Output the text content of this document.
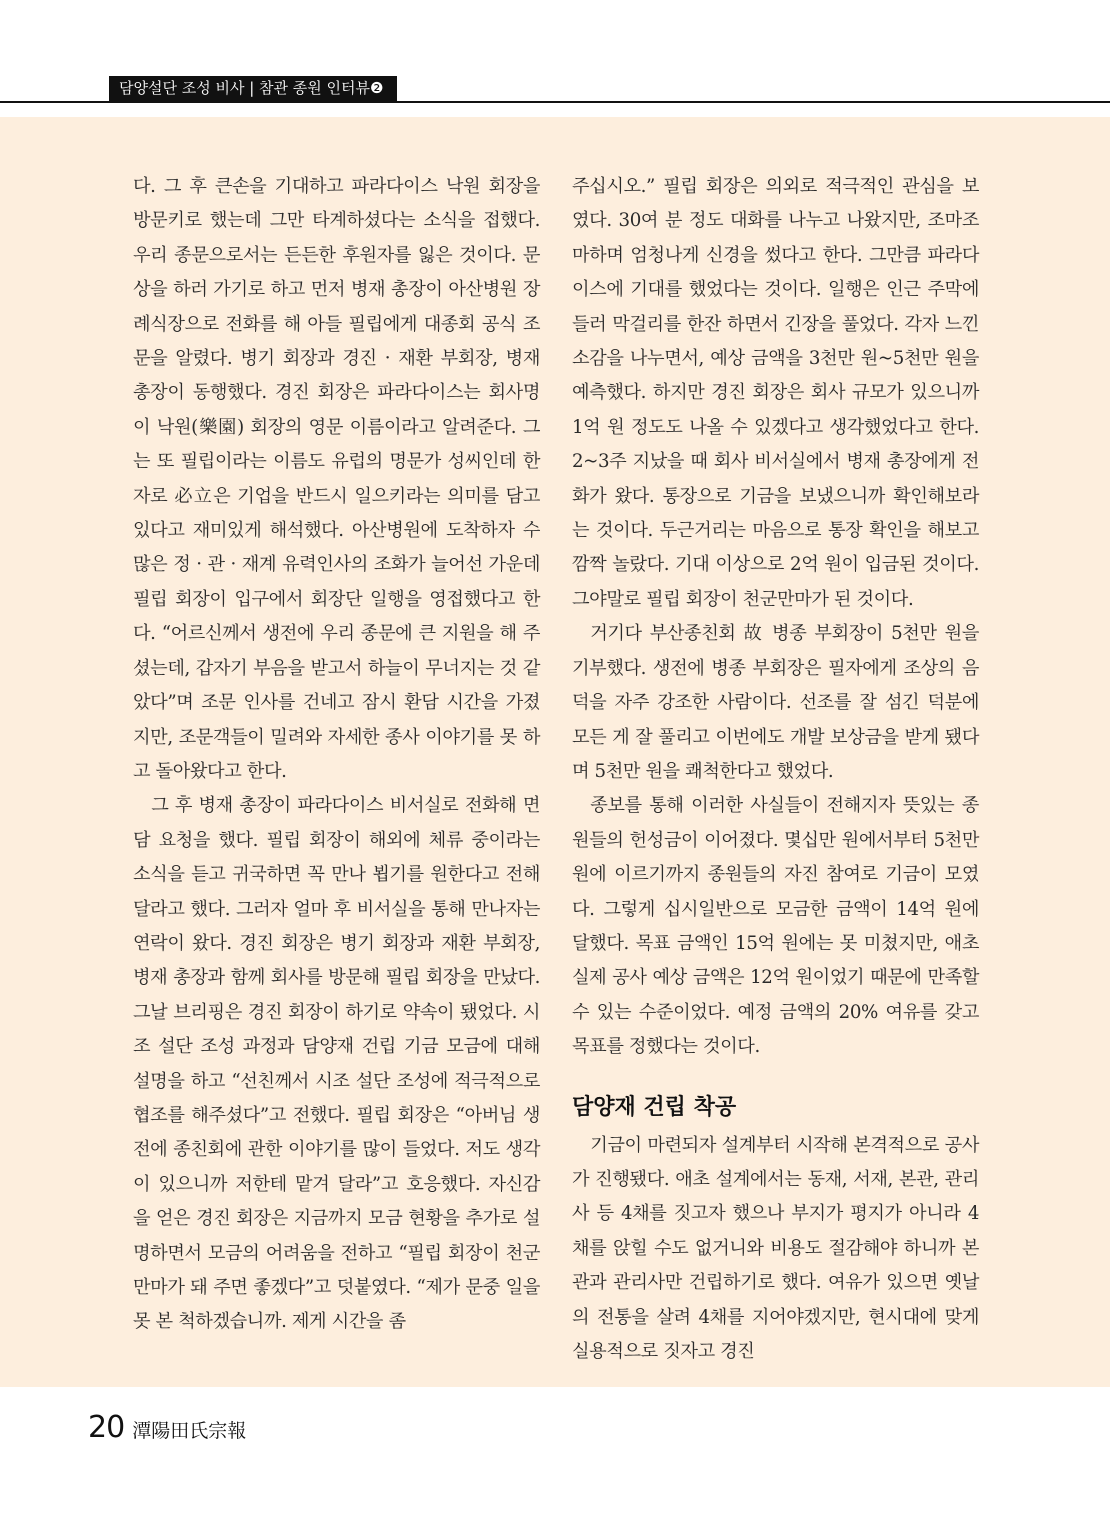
담양설단 조성 비사 | 참관 종원 인터뷰❷

다. 그 후 큰손을 기대하고 파라다이스 낙원 회장을 방문키로 했는데 그만 타계하셨다는 소식을 접했다. 우리 종문으로서는 든든한 후원자를 잃은 것이다. 문상을 하러 가기로 하고 먼저 병재 총장이 아산병원 장례식장으로 전화를 해 아들 필립에게 대종회 공식 조문을 알렸다. 병기 회장과 경진 · 재환 부회장, 병재 총장이 동행했다. 경진 회장은 파라다이스는 회사명이 낙원(樂園) 회장의 영문 이름이라고 알려준다. 그는 또 필립이라는 이름도 유럽의 명문가 성씨인데 한자로 必立은 기업을 반드시 일으키라는 의미를 담고 있다고 재미있게 해석했다. 아산병원에 도착하자 수많은 정 · 관 · 재계 유력인사의 조화가 늘어선 가운데 필립 회장이 입구에서 회장단 일행을 영접했다고 한다. “어르신께서 생전에 우리 종문에 큰 지원을 해 주셨는데, 갑자기 부음을 받고서 하늘이 무너지는 것 같았다”며 조문 인사를 건네고 잠시 환담 시간을 가졌지만, 조문객들이 밀려와 자세한 종사 이야기를 못 하고 돌아왔다고 한다.

그 후 병재 총장이 파라다이스 비서실로 전화해 면담 요청을 했다. 필립 회장이 해외에 체류 중이라는 소식을 듣고 귀국하면 꼭 만나 뵙기를 원한다고 전해 달라고 했다. 그러자 얼마 후 비서실을 통해 만나자는 연락이 왔다. 경진 회장은 병기 회장과 재환 부회장, 병재 총장과 함께 회사를 방문해 필립 회장을 만났다. 그날 브리핑은 경진 회장이 하기로 약속이 됐었다. 시조 설단 조성 과정과 담양재 건립 기금 모금에 대해 설명을 하고 “선친께서 시조 설단 조성에 적극적으로 협조를 해주셨다”고 전했다. 필립 회장은 “아버님 생전에 종친회에 관한 이야기를 많이 들었다. 저도 생각이 있으니까 저한테 맡겨 달라”고 호응했다. 자신감을 얻은 경진 회장은 지금까지 모금 현황을 추가로 설명하면서 모금의 어려움을 전하고 “필립 회장이 천군만마가 돼 주면 좋겠다”고 덧붙였다. “제가 문중 일을 못 본 척하겠습니까. 제게 시간을 좀

주십시오.” 필립 회장은 의외로 적극적인 관심을 보였다. 30여 분 정도 대화를 나누고 나왔지만, 조마조마하며 엄청나게 신경을 썼다고 한다. 그만큼 파라다이스에 기대를 했었다는 것이다. 일행은 인근 주막에 들러 막걸리를 한잔 하면서 긴장을 풀었다. 각자 느낀 소감을 나누면서, 예상 금액을 3천만 원~5천만 원을 예측했다. 하지만 경진 회장은 회사 규모가 있으니까 1억 원 정도도 나올 수 있겠다고 생각했었다고 한다. 2~3주 지났을 때 회사 비서실에서 병재 총장에게 전화가 왔다. 통장으로 기금을 보냈으니까 확인해보라는 것이다. 두근거리는 마음으로 통장 확인을 해보고 깜짝 놀랐다. 기대 이상으로 2억 원이 입금된 것이다. 그야말로 필립 회장이 천군만마가 된 것이다.

거기다 부산종친회 故 병종 부회장이 5천만 원을 기부했다. 생전에 병종 부회장은 필자에게 조상의 음덕을 자주 강조한 사람이다. 선조를 잘 섬긴 덕분에 모든 게 잘 풀리고 이번에도 개발 보상금을 받게 됐다며 5천만 원을 쾌척한다고 했었다.

종보를 통해 이러한 사실들이 전해지자 뜻있는 종원들의 헌성금이 이어졌다. 몇십만 원에서부터 5천만 원에 이르기까지 종원들의 자진 참여로 기금이 모였다. 그렇게 십시일반으로 모금한 금액이 14억 원에 달했다. 목표 금액인 15억 원에는 못 미쳤지만, 애초 실제 공사 예상 금액은 12억 원이었기 때문에 만족할 수 있는 수준이었다. 예정 금액의 20% 여유를 갖고 목표를 정했다는 것이다.

담양재 건립 착공

기금이 마련되자 설계부터 시작해 본격적으로 공사가 진행됐다. 애초 설계에서는 동재, 서재, 본관, 관리사 등 4채를 짓고자 했으나 부지가 평지가 아니라 4채를 앉힐 수도 없거니와 비용도 절감해야 하니까 본관과 관리사만 건립하기로 했다. 여유가 있으면 옛날의 전통을 살려 4채를 지어야겠지만, 현시대에 맞게 실용적으로 짓자고 경진

20 潭陽田氏宗報
